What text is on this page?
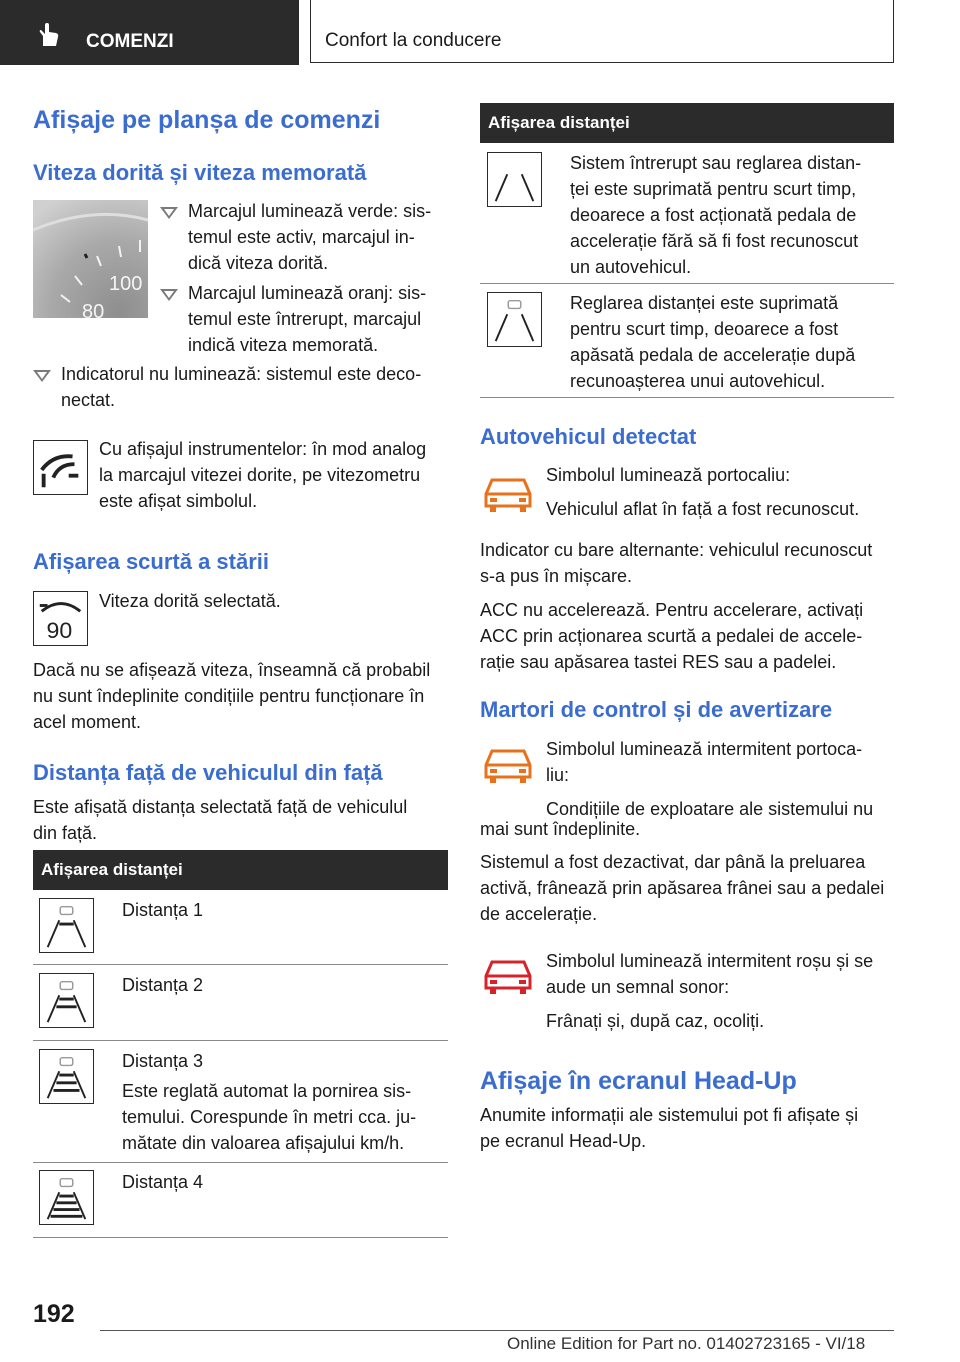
COMENZI	Confort la conducere
Afișaje pe planșa de comenzi
Viteza dorită și viteza memorată
100
80
Marcajul luminează verde: sis-
temul este activ, marcajul in-
dică viteza dorită.
Marcajul luminează oranj: sis-
temul este întrerupt, marcajul
indică viteza memorată.
Indicatorul nu luminează: sistemul este deco-
nectat.
Cu afișajul instrumentelor: în mod analog
la marcajul vitezei dorite, pe vitezometru
este afișat simbolul.
Afișarea scurtă a stării
90
Viteza dorită selectată.
Dacă nu se afișează viteza, înseamnă că probabil
nu sunt îndeplinite condițiile pentru funcționare în
acel moment.
Distanța față de vehiculul din față
Este afișată distanța selectată față de vehiculul
din față.
Afișarea distanței
Distanța 1
Distanța 2
Distanța 3
Este reglată automat la pornirea sis-
temului. Corespunde în metri cca. ju-
mătate din valoarea afișajului km/h.
Distanța 4
Afișarea distanței
Sistem întrerupt sau reglarea distan-
ței este suprimată pentru scurt timp,
deoarece a fost acționată pedala de
accelerație fără să fi fost recunoscut
un autovehicul.
Reglarea distanței este suprimată
pentru scurt timp, deoarece a fost
apăsată pedala de accelerație după
recunoașterea unui autovehicul.
Autovehicul detectat
Simbolul luminează portocaliu:
Vehiculul aflat în față a fost recunoscut.
Indicator cu bare alternante: vehiculul recunoscut
s-a pus în mișcare.
ACC nu accelerează. Pentru accelerare, activați
ACC prin acționarea scurtă a pedalei de accele-
rație sau apăsarea tastei RES sau a padelei.
Martori de control și de avertizare
Simbolul luminează intermitent portoca-
liu:
Condițiile de exploatare ale sistemului nu
mai sunt îndeplinite.
Sistemul a fost dezactivat, dar până la preluarea
activă, frânează prin apăsarea frânei sau a pedalei
de accelerație.
Simbolul luminează intermitent roșu și se
aude un semnal sonor:
Frânați și, după caz, ocoliți.
Afișaje în ecranul Head-Up
Anumite informații ale sistemului pot fi afișate și
pe ecranul Head-Up.
192
Online Edition for Part no. 01402723165 - VI/18
